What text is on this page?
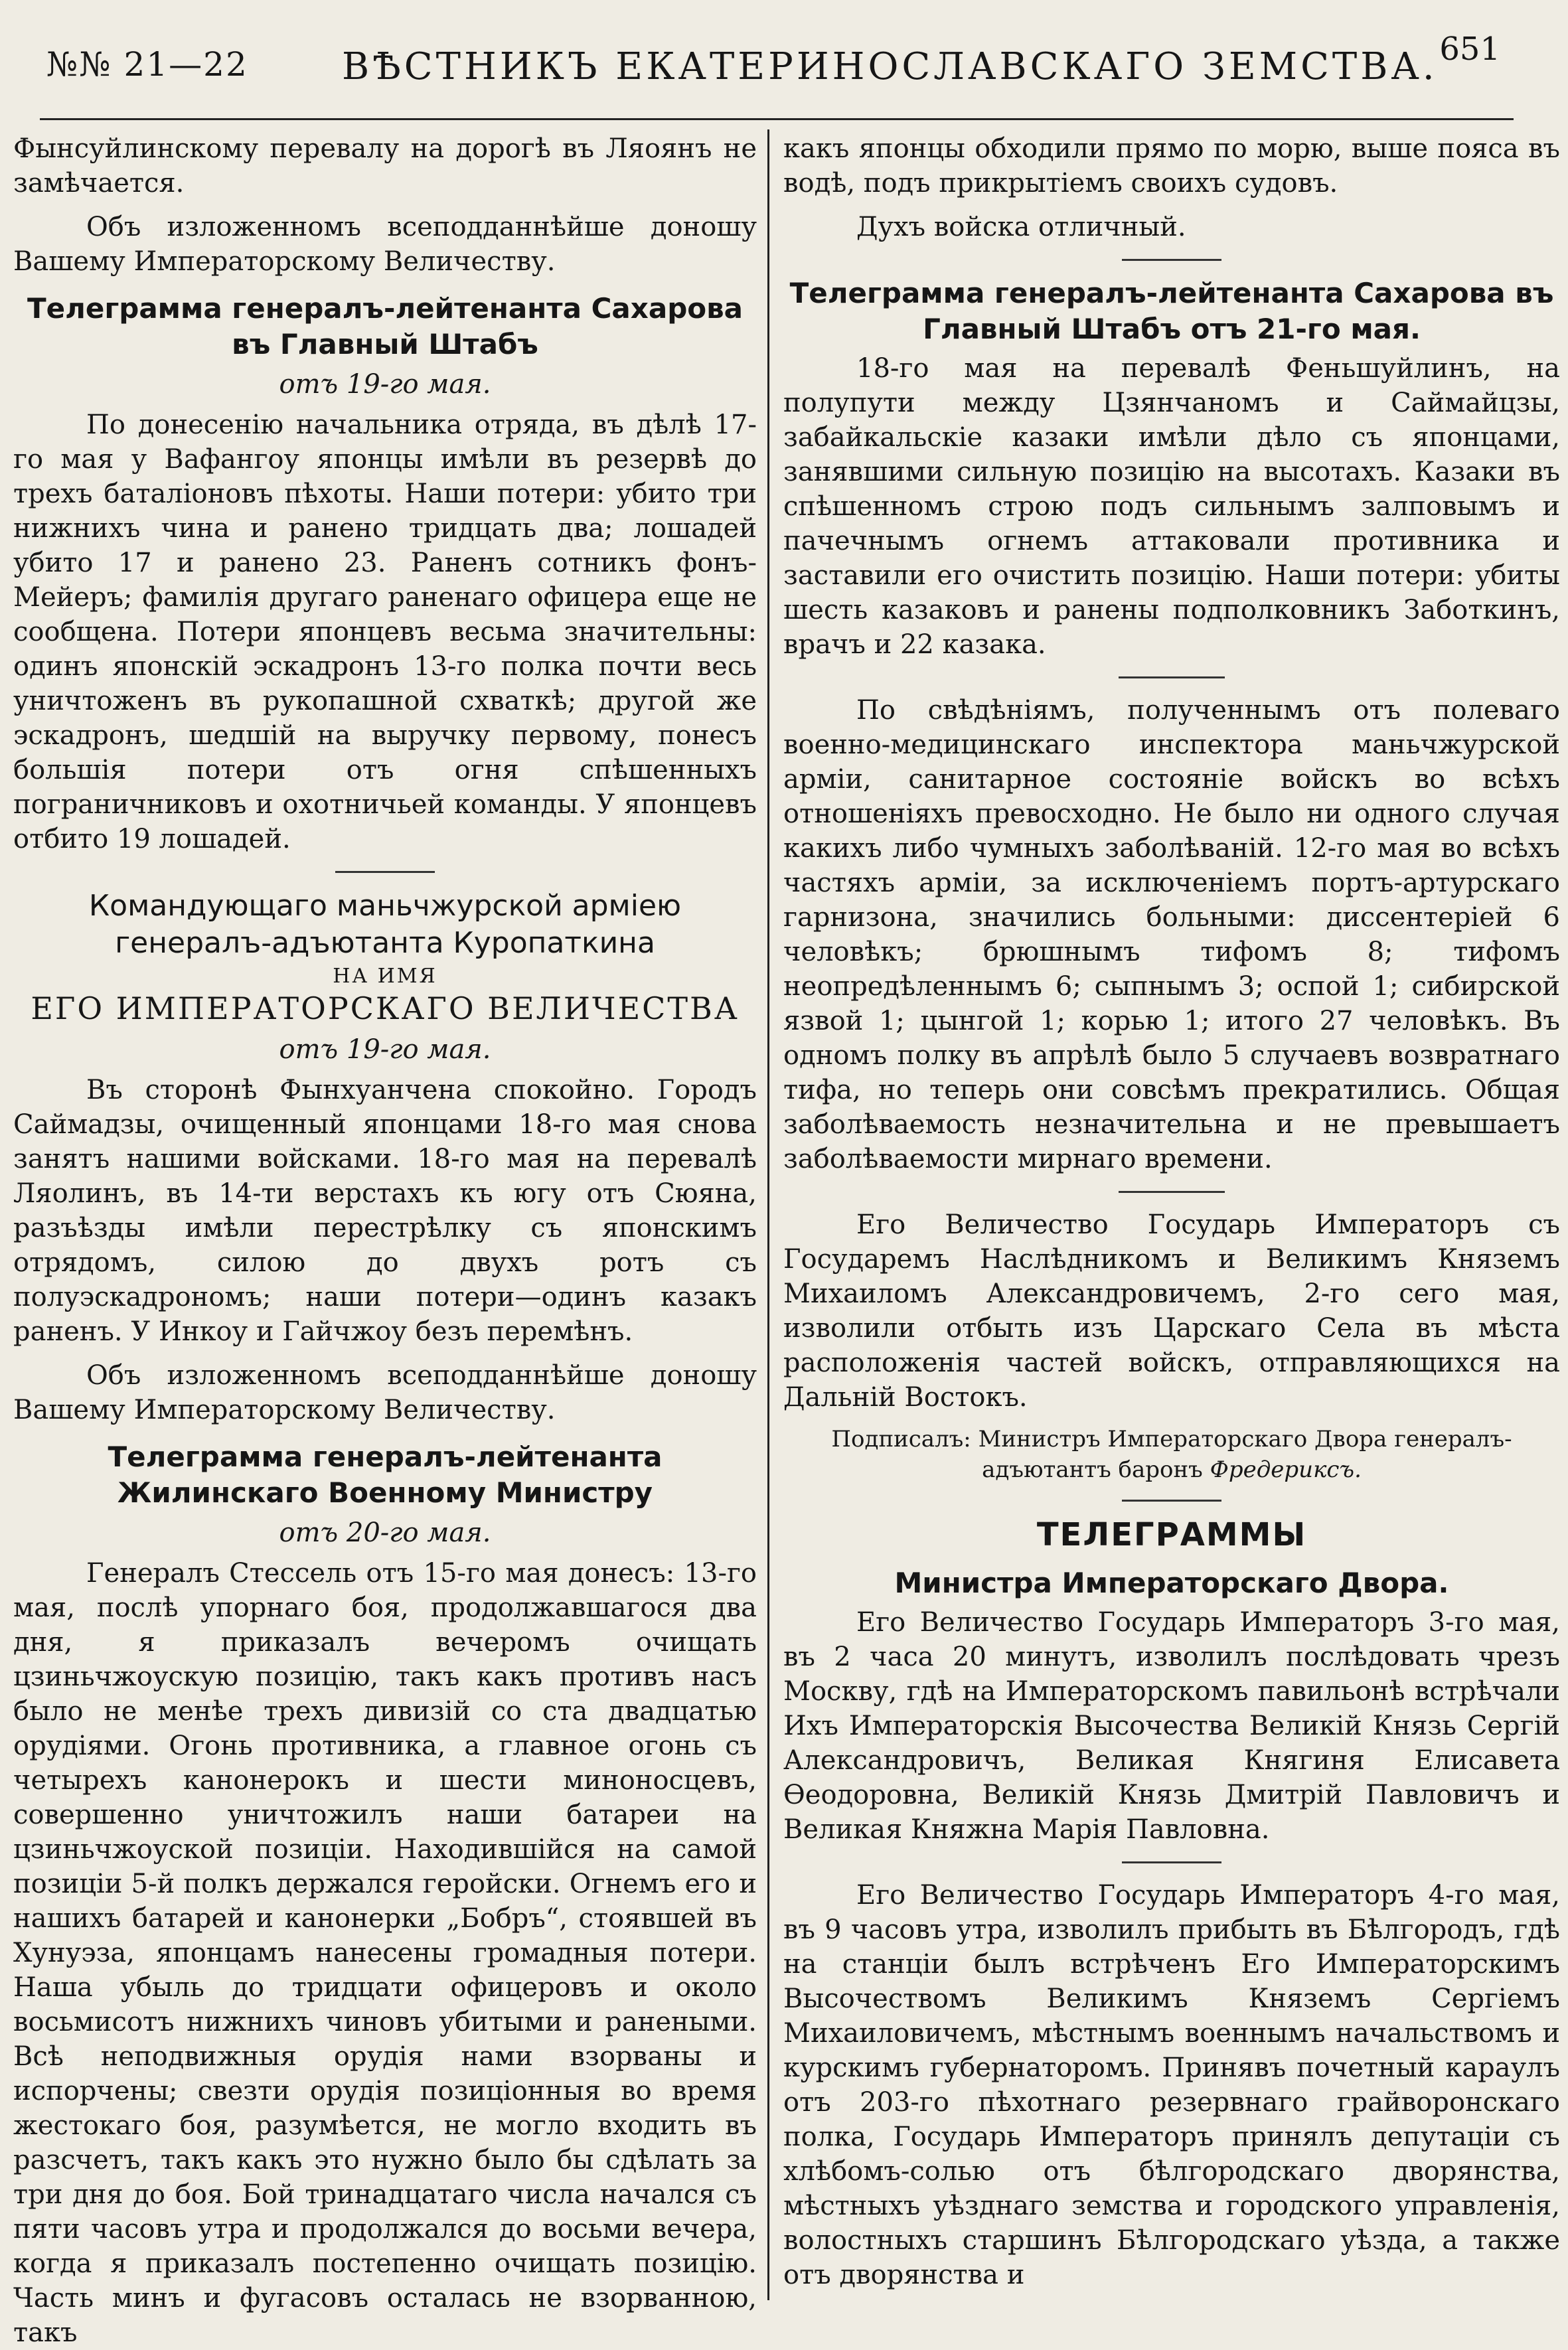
№№ 21—22	ВѢСТНИКЪ ЕКАТЕРИНОСЛАВСКАГО ЗЕМСТВА. 651

Фынсуйлинскому перевалу на дорогѣ въ Ляоянъ не замѣчается.

Объ изложенномъ всеподданнѣйше доношу Вашему Императорскому Величеству.

Телеграмма генералъ-лейтенанта Сахарова въ Главный Штабъ
отъ 19-го мая.

По донесенію начальника отряда, въ дѣлѣ 17-го мая у Вафангоу японцы имѣли въ резервѣ до трехъ баталіоновъ пѣхоты. Наши потери: убито три нижнихъ чина и ранено тридцать два; лошадей убито 17 и ранено 23. Раненъ сотникъ фонъ-Мейеръ; фамилія другаго раненаго офицера еще не сообщена. Потери японцевъ весьма значительны: одинъ японскій эскадронъ 13-го полка почти весь уничтоженъ въ рукопашной схваткѣ; другой же эскадронъ, шедшій на выручку первому, понесъ большія потери отъ огня спѣшенныхъ пограничниковъ и охотничьей команды. У японцевъ отбито 19 лошадей.

Командующаго маньчжурской арміею генералъ-адъютанта Куропаткина
НА ИМЯ
ЕГО ИМПЕРАТОРСКАГО ВЕЛИЧЕСТВА
отъ 19-го мая.

Въ сторонѣ Фынхуанчена спокойно. Городъ Саймадзы, очищенный японцами 18-го мая снова занятъ нашими войсками. 18-го мая на перевалѣ Ляолинъ, въ 14-ти верстахъ къ югу отъ Сюяна, разъѣзды имѣли перестрѣлку съ японскимъ отрядомъ, силою до двухъ ротъ съ полуэскадрономъ; наши потери—одинъ казакъ раненъ. У Инкоу и Гайчжоу безъ перемѣнъ.

Объ изложенномъ всеподданнѣйше доношу Вашему Императорскому Величеству.

Телеграмма генералъ-лейтенанта Жилинскаго Военному Министру
отъ 20-го мая.

Генералъ Стессель отъ 15-го мая донесъ: 13-го мая, послѣ упорнаго боя, продолжавшагося два дня, я приказалъ вечеромъ очищать цзиньчжоускую позицію, такъ какъ противъ насъ было не менѣе трехъ дивизій со ста двадцатью орудіями. Огонь противника, а главное огонь съ четырехъ канонерокъ и шести миноносцевъ, совершенно уничтожилъ наши батареи на цзиньчжоуской позиціи. Находившійся на самой позиціи 5-й полкъ держался геройски. Огнемъ его и нашихъ батарей и канонерки „Бобръ“, стоявшей въ Хунуэза, японцамъ нанесены громадныя потери. Наша убыль до тридцати офицеровъ и около восьмисотъ нижнихъ чиновъ убитыми и ранеными. Всѣ неподвижныя орудія нами взорваны и испорчены; свезти орудія позиціонныя во время жестокаго боя, разумѣется, не могло входить въ разсчетъ, такъ какъ это нужно было бы сдѣлать за три дня до боя. Бой тринадцатаго числа начался съ пяти часовъ утра и продолжался до восьми вечера, когда я приказалъ постепенно очищать позицію. Часть минъ и фугасовъ осталась не взорванною, такъ

какъ японцы обходили прямо по морю, выше пояса въ водѣ, подъ прикрытіемъ своихъ судовъ.

Духъ войска отличный.

Телеграмма генералъ-лейтенанта Сахарова въ Главный Штабъ отъ 21-го мая.

18-го мая на перевалѣ Феньшуйлинъ, на полупути между Цзянчаномъ и Саймайцзы, забайкальскіе казаки имѣли дѣло съ японцами, занявшими сильную позицію на высотахъ. Казаки въ спѣшенномъ строю подъ сильнымъ залповымъ и пачечнымъ огнемъ аттаковали противника и заставили его очистить позицію. Наши потери: убиты шесть казаковъ и ранены подполковникъ Заботкинъ, врачъ и 22 казака.

По свѣдѣніямъ, полученнымъ отъ полеваго военно-медицинскаго инспектора маньчжурской арміи, санитарное состояніе войскъ во всѣхъ отношеніяхъ превосходно. Не было ни одного случая какихъ либо чумныхъ заболѣваній. 12-го мая во всѣхъ частяхъ арміи, за исключеніемъ портъ-артурскаго гарнизона, значились больными: диссентеріей 6 человѣкъ; брюшнымъ тифомъ 8; тифомъ неопредѣленнымъ 6; сыпнымъ 3; оспой 1; сибирской язвой 1; цынгой 1; корью 1; итого 27 человѣкъ. Въ одномъ полку въ апрѣлѣ было 5 случаевъ возвратнаго тифа, но теперь они совсѣмъ прекратились. Общая заболѣваемость незначительна и не превышаетъ заболѣваемости мирнаго времени.

Его Величество Государь Императоръ съ Государемъ Наслѣдникомъ и Великимъ Княземъ Михаиломъ Александровичемъ, 2-го сего мая, изволили отбыть изъ Царскаго Села въ мѣста расположенія частей войскъ, отправляющихся на Дальній Востокъ.

Подписалъ: Министръ Императорскаго Двора генералъ-адъютантъ баронъ Фредериксъ.
ТЕЛЕГРАММЫ
Министра Императорскаго Двора.

Его Величество Государь Императоръ 3-го мая, въ 2 часа 20 минутъ, изволилъ послѣдовать чрезъ Москву, гдѣ на Императорскомъ павильонѣ встрѣчали Ихъ Императорскія Высочества Великій Князь Сергій Александровичъ, Великая Княгиня Елисавета Ѳеодоровна, Великій Князь Дмитрій Павловичъ и Великая Княжна Марія Павловна.

Его Величество Государь Императоръ 4-го мая, въ 9 часовъ утра, изволилъ прибыть въ Бѣлгородъ, гдѣ на станціи былъ встрѣченъ Его Императорскимъ Высочествомъ Великимъ Княземъ Сергіемъ Михаиловичемъ, мѣстнымъ военнымъ начальствомъ и курскимъ губернаторомъ. Принявъ почетный караулъ отъ 203-го пѣхотнаго резервнаго грайворонскаго полка, Государь Императоръ принялъ депутаціи съ хлѣбомъ-солью отъ бѣлгородскаго дворянства, мѣстныхъ уѣзднаго земства и городского управленія, волостныхъ старшинъ Бѣлгородскаго уѣзда, а также отъ дворянства и
